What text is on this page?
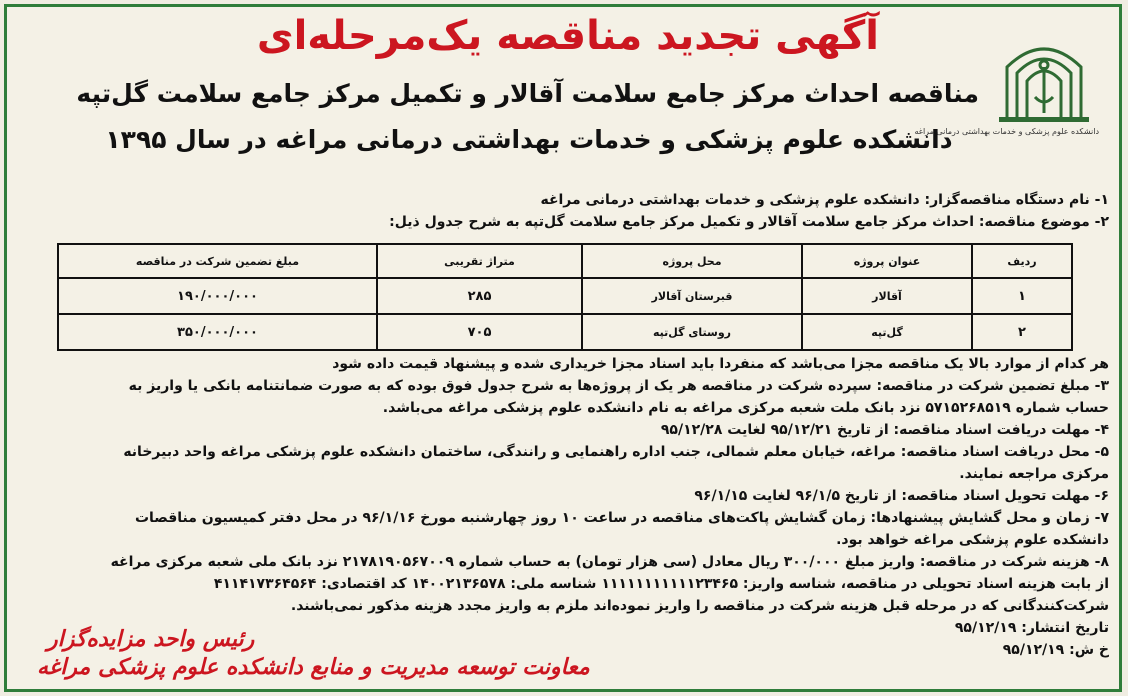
دانشکده علوم پزشکی و خدمات بهداشتی درمانی مراغه
آگهی تجدید مناقصه یک‌مرحله‌ای
مناقصه احداث مرکز جامع سلامت آقالار و تکمیل مرکز جامع سلامت گل‌تپه
دانشکده علوم پزشکی و خدمات بهداشتی درمانی مراغه در سال ۱۳۹۵
۱- نام دستگاه مناقصه‌گزار: دانشکده علوم پزشکی و خدمات بهداشتی درمانی مراغه
۲- موضوع مناقصه: احداث مرکز جامع سلامت آقالار و تکمیل مرکز جامع سلامت گل‌تپه به شرح جدول ذیل:
ردیف	عنوان پروژه	محل پروژه	متراژ تقریبی	مبلغ تضمین شرکت در مناقصه
۱	آقالار	قبرستان آقالار	۲۸۵	۱۹۰/۰۰۰/۰۰۰
۲	گل‌تپه	روستای گل‌تپه	۷۰۵	۳۵۰/۰۰۰/۰۰۰
هر کدام از موارد بالا یک مناقصه مجزا می‌باشد که منفردا باید اسناد مجزا خریداری شده و پیشنهاد قیمت داده شود
۳- مبلغ تضمین شرکت در مناقصه: سپرده شرکت در مناقصه هر یک از پروژه‌ها به شرح جدول فوق بوده که به صورت ضمانتنامه بانکی یا واریز به
حساب شماره ۵۷۱۵۲۶۸۵۱۹ نزد بانک ملت شعبه مرکزی مراغه به نام دانشکده علوم پزشکی مراغه می‌باشد.
۴- مهلت دریافت اسناد مناقصه: از تاریخ ۹۵/۱۲/۲۱ لغایت ۹۵/۱۲/۲۸
۵- محل دریافت اسناد مناقصه: مراغه، خیابان معلم شمالی، جنب اداره راهنمایی و رانندگی، ساختمان دانشکده علوم پزشکی مراغه واحد دبیرخانه
مرکزی مراجعه نمایند.
۶- مهلت تحویل اسناد مناقصه: از تاریخ ۹۶/۱/۵ لغایت ۹۶/۱/۱۵
۷- زمان و محل گشایش پیشنهادها: زمان گشایش پاکت‌های مناقصه در ساعت ۱۰ روز چهارشنبه مورخ ۹۶/۱/۱۶ در محل دفتر کمیسیون مناقصات
دانشکده علوم پزشکی مراغه خواهد بود.
۸- هزینه شرکت در مناقصه: واریز مبلغ ۳۰۰/۰۰۰ ریال معادل (سی هزار تومان) به حساب شماره ۲۱۷۸۱۹۰۵۶۷۰۰۹ نزد بانک ملی شعبه مرکزی مراغه
از بابت هزینه اسناد تحویلی در مناقصه، شناسه واریز: ۱۱۱۱۱۱۱۱۱۱۱۲۳۴۶۵ شناسه ملی: ۱۴۰۰۲۱۳۶۵۷۸ کد اقتصادی: ۴۱۱۴۱۷۳۶۴۵۶۴
شرکت‌کنندگانی که در مرحله قبل هزینه شرکت در مناقصه را واریز نموده‌اند ملزم به واریز مجدد هزینه مذکور نمی‌باشند.
تاریخ انتشار: ۹۵/۱۲/۱۹
خ ش: ۹۵/۱۲/۱۹
رئیس واحد مزایده‌گزار
معاونت توسعه مدیریت و منابع دانشکده علوم پزشکی مراغه
